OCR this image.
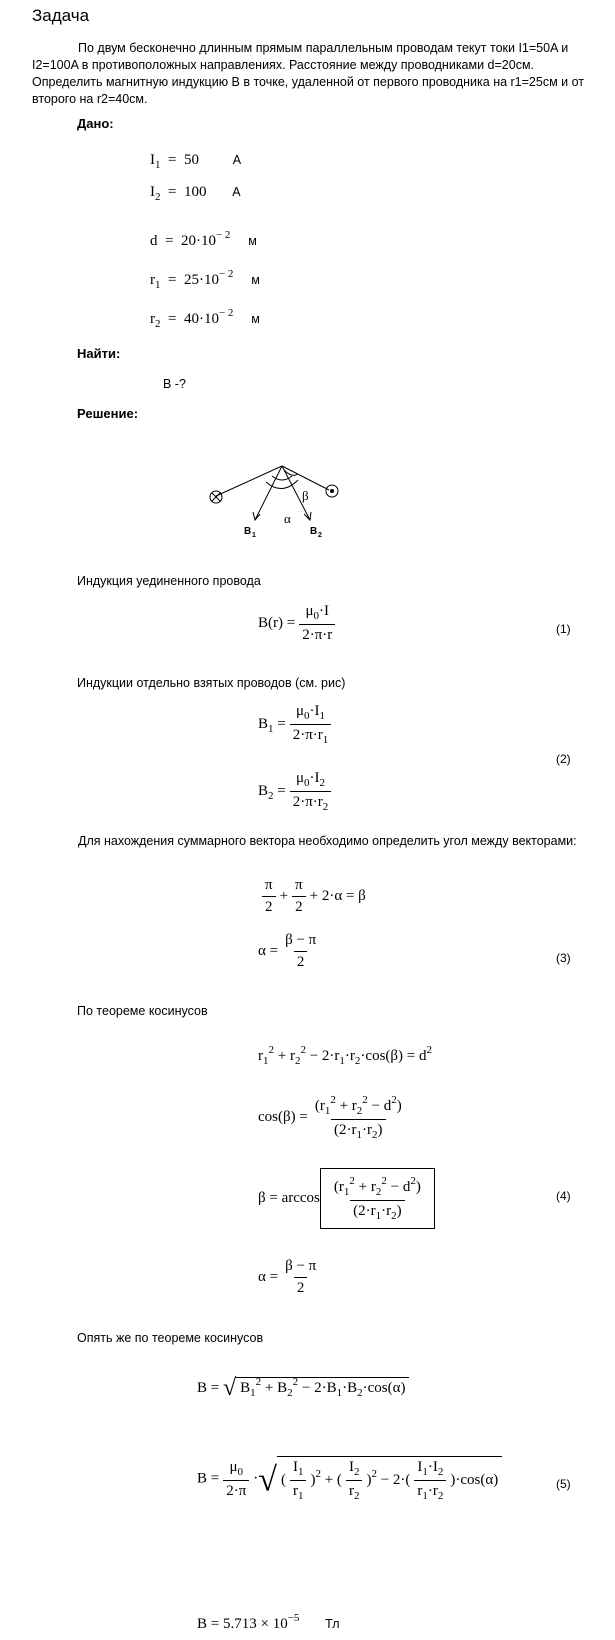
Задача
По двум бесконечно длинным прямым параллельным проводам текут токи I1=50A и I2=100A в противоположных направлениях. Расстояние между проводниками d=20см. Определить магнитную индукцию B в точке, удаленной от первого проводника на r1=25см и от второго на r2=40см.
Дано:
$I_1 = 50$	А
$I_2 = 100$ А
$d = 20\cdot 10^{- 2}$ м
$r_1 = 25\cdot 10^{- 2}$ м
$r_2 = 40\cdot 10^{- 2}$ м
Найти:
B -?
Решение:
β
α
B 1	B 2
Индукция уединенного провода
$B(r) = \frac{\mu_0\cdot I}{2\cdot\pi\cdot r}$	(1)
Индукции отдельно взятых проводов (см. рис)
$B_1 = \frac{\mu_0\cdot I_1}{2\cdot\pi\cdot r_1}$
$B_2 = \frac{\mu_0\cdot I_2}{2\cdot\pi\cdot r_2}$
(2)
Для нахождения суммарного вектора необходимо определить угол между векторами:
$\frac{\pi}{2} + \frac{\pi}{2} + 2\cdot\alpha = \beta$
$\alpha = \frac{\beta - \pi}{2}$	(3)
По теореме косинусов
$r_1^2 + r_2^2 - 2\cdot r_1\cdot r_2\cdot\cos(\beta) = d^2$
$\cos(\beta) = \frac{(r_1^2 + r_2^2 - d^2)}{(2\cdot r_1\cdot r_2)}$
$\beta = \arccos \frac{(r_1^2 + r_2^2 - d^2)}{(2\cdot r_1\cdot r_2)}$	(4)
$\alpha = \frac{\beta - \pi}{2}$
Опять же по теореме косинусов
B = √ $B_1^2 + B_2^2 - 2\cdot B_1\cdot B_2\cdot\cos(\alpha)$
$B = \frac{\mu_0}{2\cdot\pi}$ ·√ ( $\frac{I_1}{r_1} )^2$ + ( $\frac{I_2}{r_2} )^2 - 2\cdot( \frac{I_1\cdot I_2}{r_1\cdot r_2} )\cdot\cos(\alpha)$	(5)
$B = 5.713 \times 10^{-5}$ Тл
